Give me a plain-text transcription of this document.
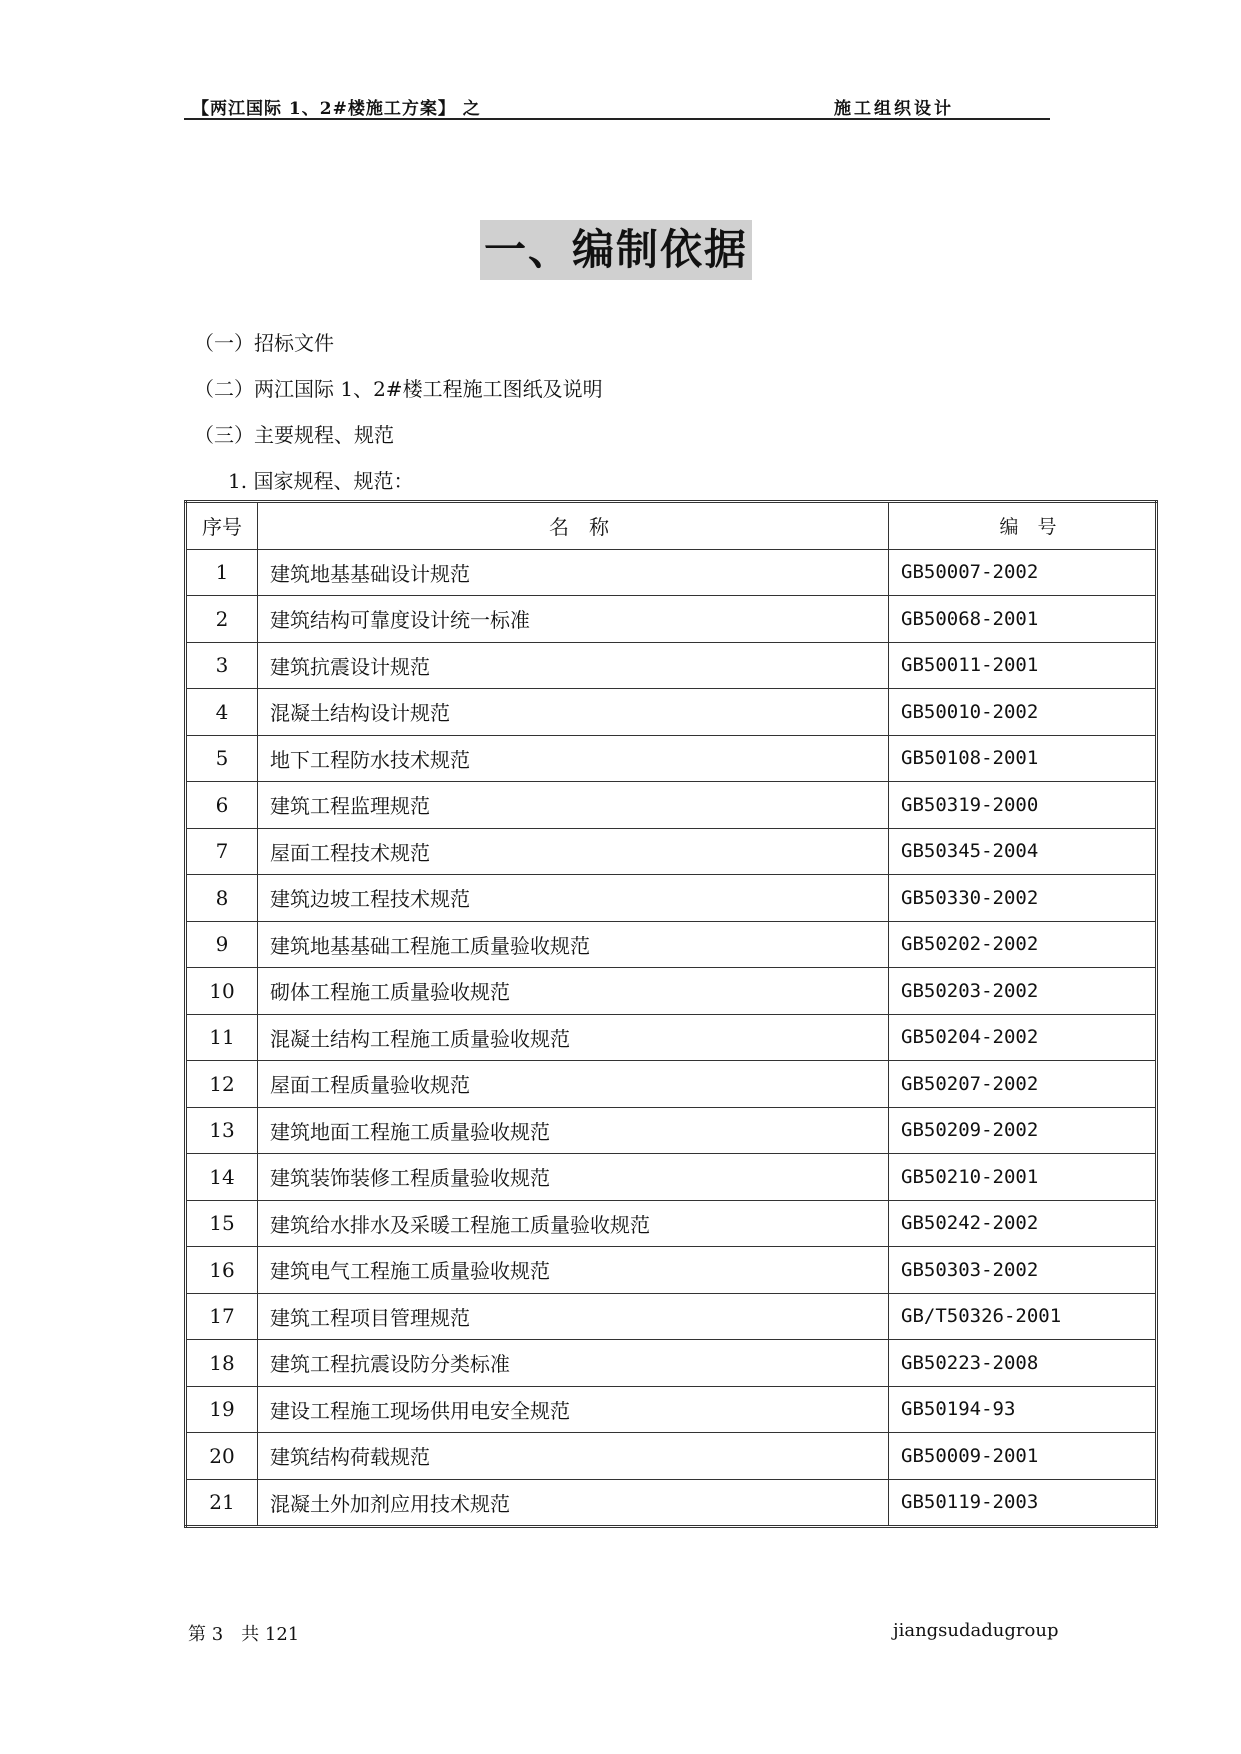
【两江国际 1、2#楼施工方案】 之	施工组织设计
一、编制依据
（一）招标文件
（二）两江国际 1、2#楼工程施工图纸及说明
（三）主要规程、规范
1. 国家规程、规范：
序号	名　称	编　号
1	建筑地基基础设计规范	GB50007-2002
2	建筑结构可靠度设计统一标准	GB50068-2001
3	建筑抗震设计规范	GB50011-2001
4	混凝土结构设计规范	GB50010-2002
5	地下工程防水技术规范	GB50108-2001
6	建筑工程监理规范	GB50319-2000
7	屋面工程技术规范	GB50345-2004
8	建筑边坡工程技术规范	GB50330-2002
9	建筑地基基础工程施工质量验收规范	GB50202-2002
10	砌体工程施工质量验收规范	GB50203-2002
11	混凝土结构工程施工质量验收规范	GB50204-2002
12	屋面工程质量验收规范	GB50207-2002
13	建筑地面工程施工质量验收规范	GB50209-2002
14	建筑装饰装修工程质量验收规范	GB50210-2001
15	建筑给水排水及采暖工程施工质量验收规范	GB50242-2002
16	建筑电气工程施工质量验收规范	GB50303-2002
17	建筑工程项目管理规范	GB/T50326-2001
18	建筑工程抗震设防分类标准	GB50223-2008
19	建设工程施工现场供用电安全规范	GB50194-93
20	建筑结构荷载规范	GB50009-2001
21	混凝土外加剂应用技术规范	GB50119-2003
第 3　共 121	jiangsudadugroup
